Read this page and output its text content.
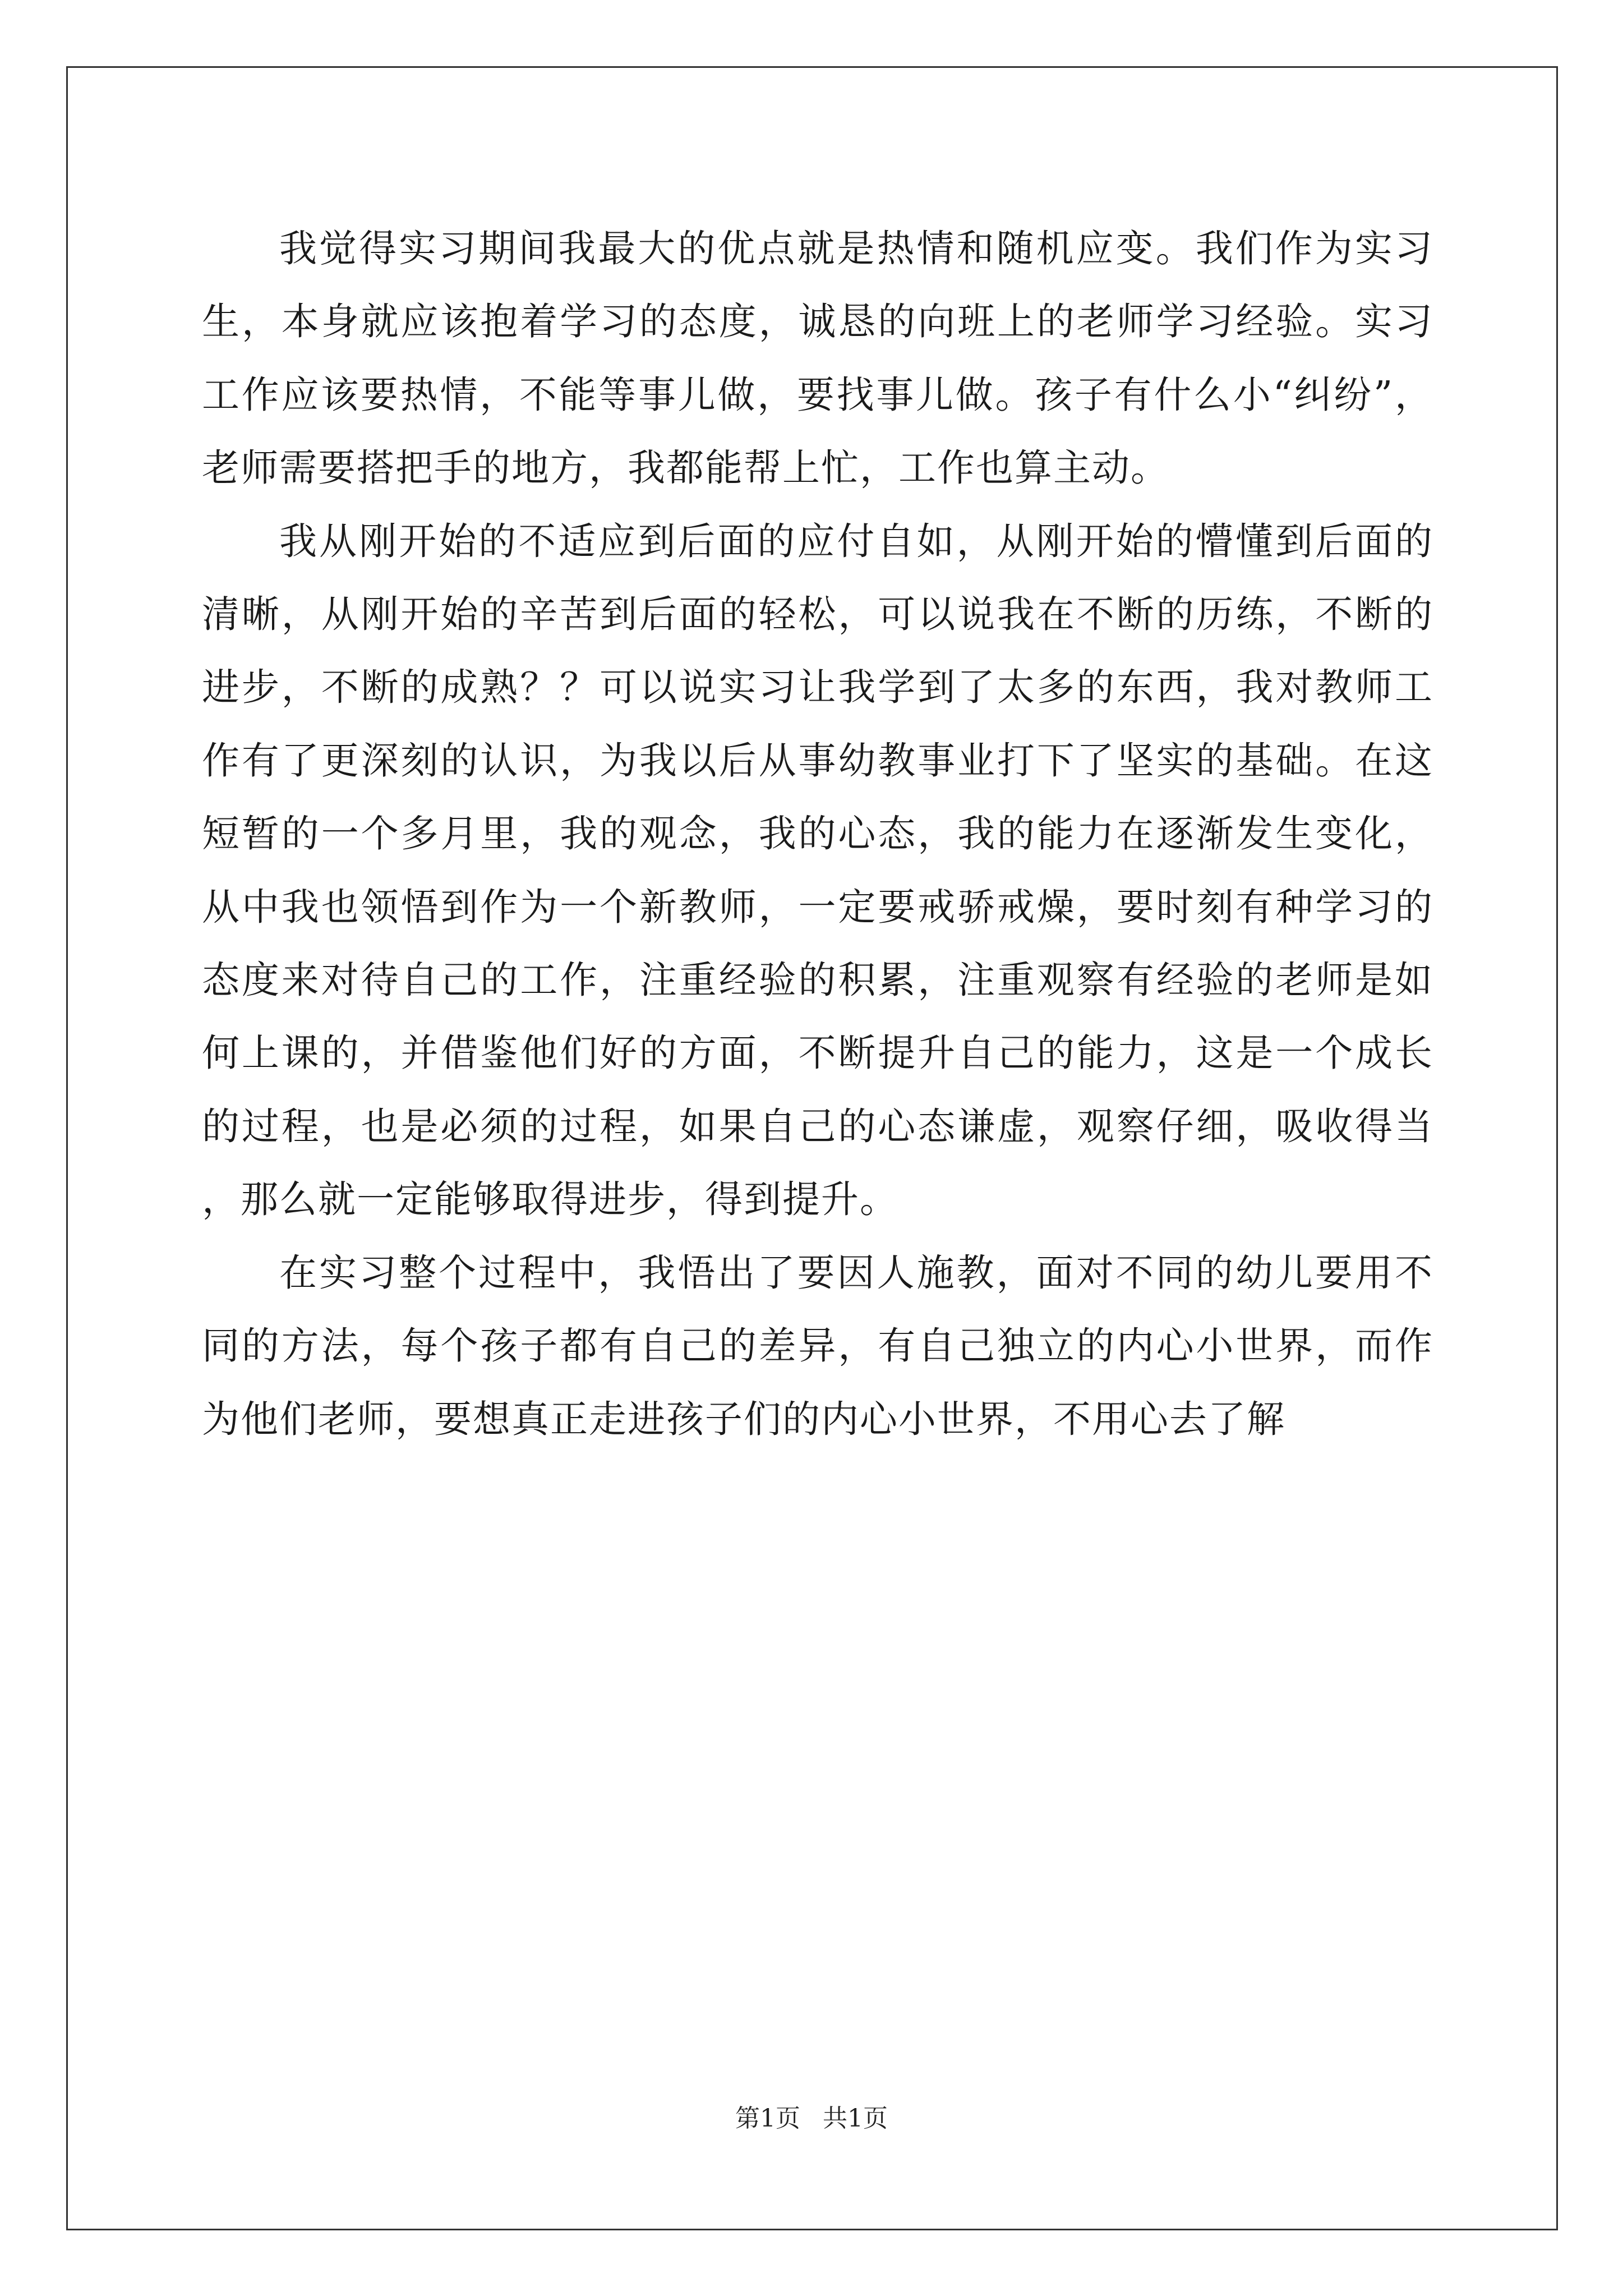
我觉得实习期间我最大的优点就是热情和随机应变。我们作为实习生，本身就应该抱着学习的态度，诚恳的向班上的老师学习经验。实习工作应该要热情，不能等事儿做，要找事儿做。孩子有什么小“纠纷”，老师需要搭把手的地方，我都能帮上忙，工作也算主动。

我从刚开始的不适应到后面的应付自如，从刚开始的懵懂到后面的清晰，从刚开始的辛苦到后面的轻松，可以说我在不断的历练，不断的进步，不断的成熟？？可以说实习让我学到了太多的东西，我对教师工作有了更深刻的认识，为我以后从事幼教事业打下了坚实的基础。在这短暂的一个多月里，我的观念，我的心态，我的能力在逐渐发生变化，从中我也领悟到作为一个新教师，一定要戒骄戒燥，要时刻有种学习的态度来对待自己的工作，注重经验的积累，注重观察有经验的老师是如何上课的，并借鉴他们好的方面，不断提升自己的能力，这是一个成长的过程，也是必须的过程，如果自己的心态谦虚，观察仔细，吸收得当，那么就一定能够取得进步，得到提升。

在实习整个过程中，我悟出了要因人施教，面对不同的幼儿要用不同的方法，每个孩子都有自己的差异，有自己独立的内心小世界，而作为他们老师，要想真正走进孩子们的内心小世界，不用心去了解

第1页 共1页
